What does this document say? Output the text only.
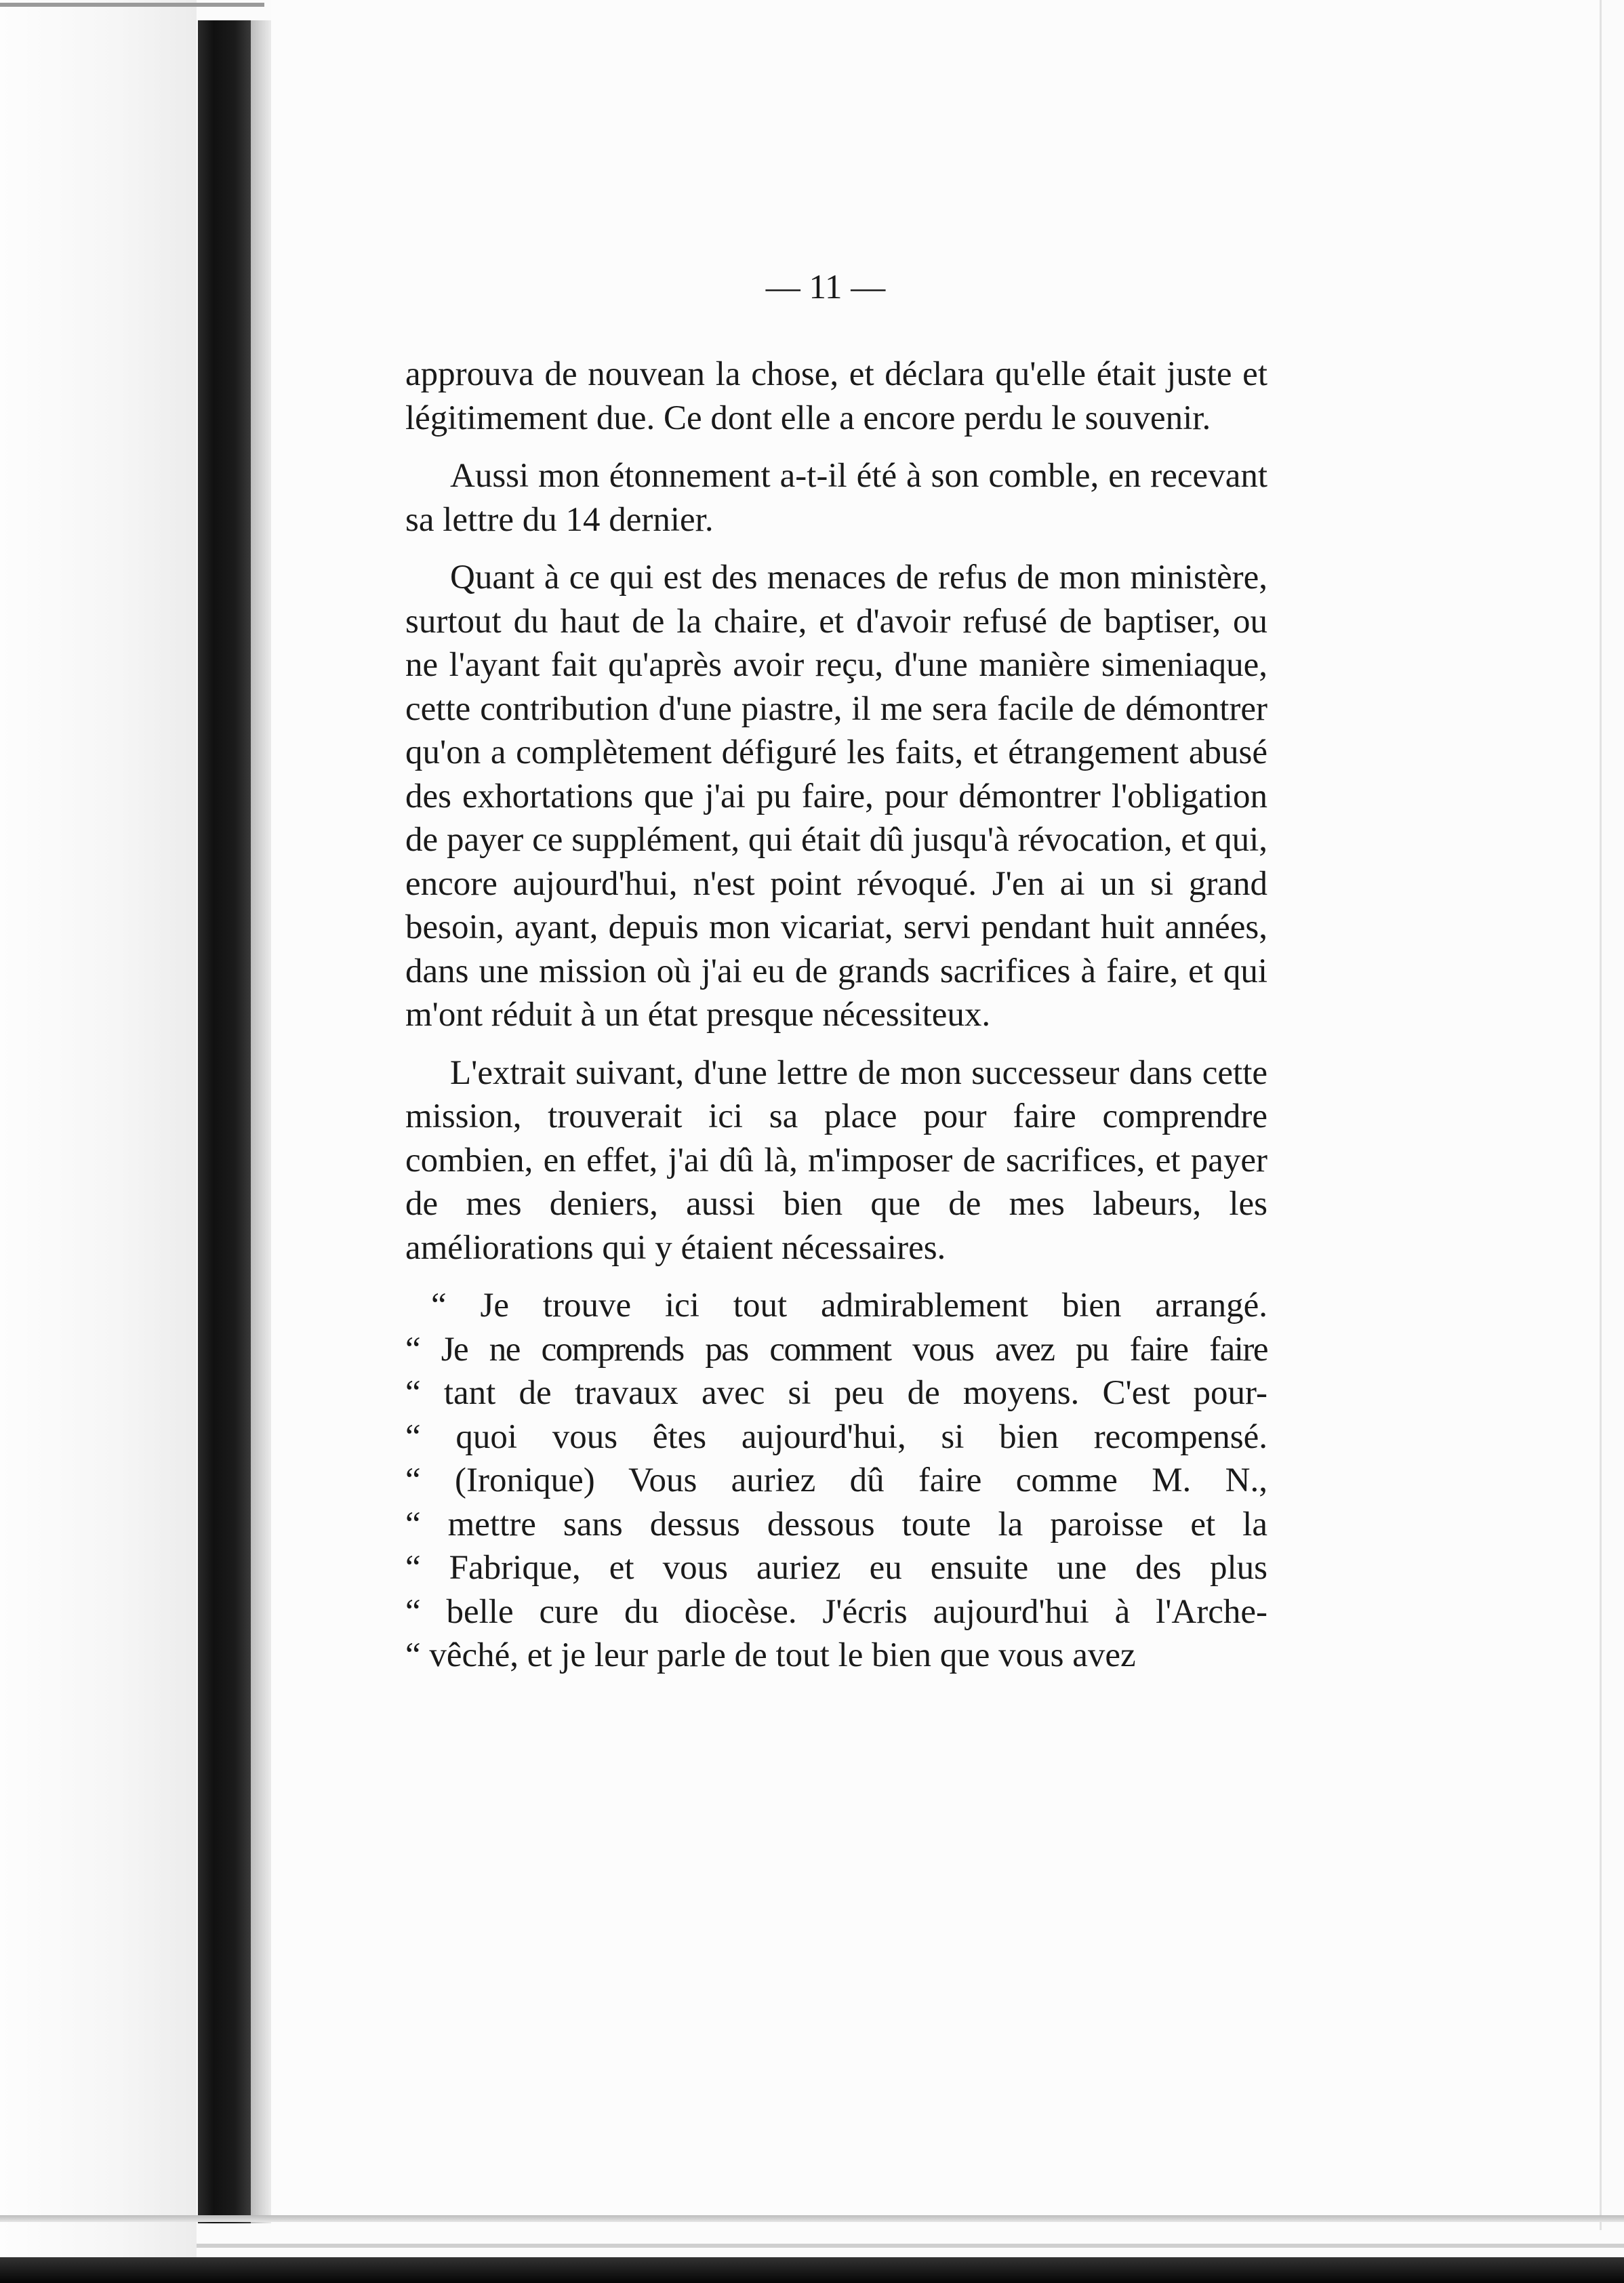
— 11 —

approuva de nouvean la chose, et déclara qu'elle était juste et légitimement due. Ce dont elle a encore perdu le souvenir.

Aussi mon étonnement a-t-il été à son comble, en recevant sa lettre du 14 dernier.

Quant à ce qui est des menaces de refus de mon ministère, surtout du haut de la chaire, et d'avoir refusé de baptiser, ou ne l'ayant fait qu'après avoir reçu, d'une manière simeniaque, cette contribution d'une piastre, il me sera facile de démontrer qu'on a complètement défiguré les faits, et étrangement abusé des exhortations que j'ai pu faire, pour démontrer l'obligation de payer ce supplément, qui était dû jusqu'à révocation, et qui, encore aujourd'hui, n'est point révoqué. J'en ai un si grand besoin, ayant, depuis mon vicariat, servi pendant huit années, dans une mission où j'ai eu de grands sacrifices à faire, et qui m'ont réduit à un état presque nécessiteux.

L'extrait suivant, d'une lettre de mon successeur dans cette mission, trouverait ici sa place pour faire comprendre combien, en effet, j'ai dû là, m'imposer de sacrifices, et payer de mes deniers, aussi bien que de mes labeurs, les améliorations qui y étaient nécessaires.

“ Je trouve ici tout admirablement bien arrangé.
“ Je ne comprends pas comment vous avez pu faire faire
“ tant de travaux avec si peu de moyens. C'est pour-
“ quoi vous êtes aujourd'hui, si bien recompensé.
“ (Ironique) Vous auriez dû faire comme M. N.,
“ mettre sans dessus dessous toute la paroisse et la
“ Fabrique, et vous auriez eu ensuite une des plus
“ belle cure du diocèse. J'écris aujourd'hui à l'Arche-
“ vêché, et je leur parle de tout le bien que vous avez
